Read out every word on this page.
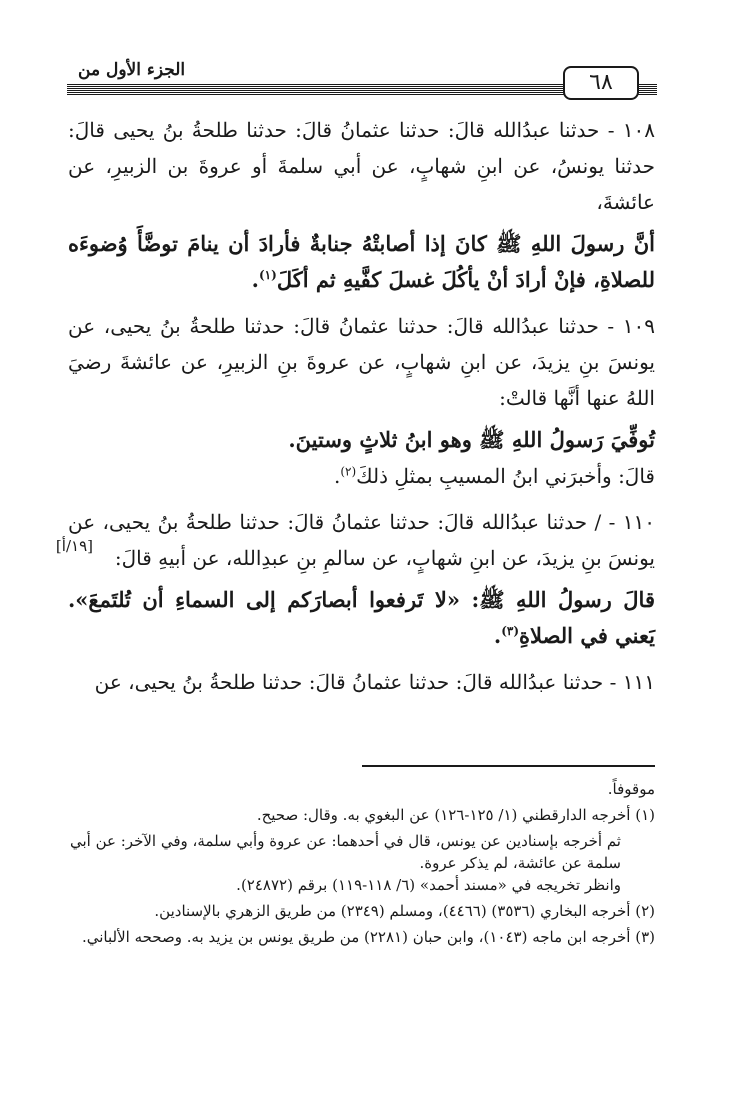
الجزء الأول من	٦٨
[١٩/أ]

١٠٨ - حدثنا عبدُالله قالَ: حدثنا عثمانُ قالَ: حدثنا طلحةُ بنُ يحيى قالَ: حدثنا يونسُ، عن ابنِ شهابٍ، عن أبي سلمةَ أو عروةَ بن الزبيرِ، عن عائشةَ،

أنَّ رسولَ اللهِ ﷺ كانَ إذا أصابتْهُ جنابةٌ فأرادَ أن ينامَ توضَّأَ وُضوءَه للصلاةِ، فإنْ أرادَ أنْ يأكُلَ غسلَ كفَّيهِ ثم أكَلَ$^{(١)}$.

١٠٩ - حدثنا عبدُالله قالَ: حدثنا عثمانُ قالَ: حدثنا طلحةُ بنُ يحيى، عن يونسَ بنِ يزيدَ، عن ابنِ شهابٍ، عن عروةَ بنِ الزبيرِ، عن عائشةَ رضيَ اللهُ عنها أنَّها قالتْ:

تُوفِّيَ رَسولُ اللهِ ﷺ وهو ابنُ ثلاثٍ وستينَ.

قالَ: وأخبرَني ابنُ المسيبِ بمثلِ ذلكَ$^{(٢)}$.

١١٠ - / حدثنا عبدُالله قالَ: حدثنا عثمانُ قالَ: حدثنا طلحةُ بنُ يحيى، عن يونسَ بنِ يزيدَ، عن ابنِ شهابٍ، عن سالمِ بنِ عبدِالله، عن أبيهِ قالَ:

قالَ رسولُ اللهِ ﷺ: «لا تَرفعوا أبصارَكم إلى السماءِ أن تُلتَمعَ». يَعني في الصلاةِ$^{(٣)}$.

١١١ - حدثنا عبدُالله قالَ: حدثنا عثمانُ قالَ: حدثنا طلحةُ بنُ يحيى، عن

موقوفاً.

(١) أخرجه الدارقطني (١/ ١٢٥-١٢٦) عن البغوي به. وقال: صحيح.

ثم أخرجه بإسنادين عن يونس، قال في أحدهما: عن عروة وأبي سلمة، وفي الآخر: عن أبي سلمة عن عائشة، لم يذكر عروة.

وانظر تخريجه في «مسند أحمد» (٦/ ١١٨-١١٩) برقم (٢٤٨٧٢).

(٢) أخرجه البخاري (٣٥٣٦) (٤٤٦٦)، ومسلم (٢٣٤٩) من طريق الزهري بالإسنادين.

(٣) أخرجه ابن ماجه (١٠٤٣)، وابن حبان (٢٢٨١) من طريق يونس بن يزيد به. وصححه الألباني.
